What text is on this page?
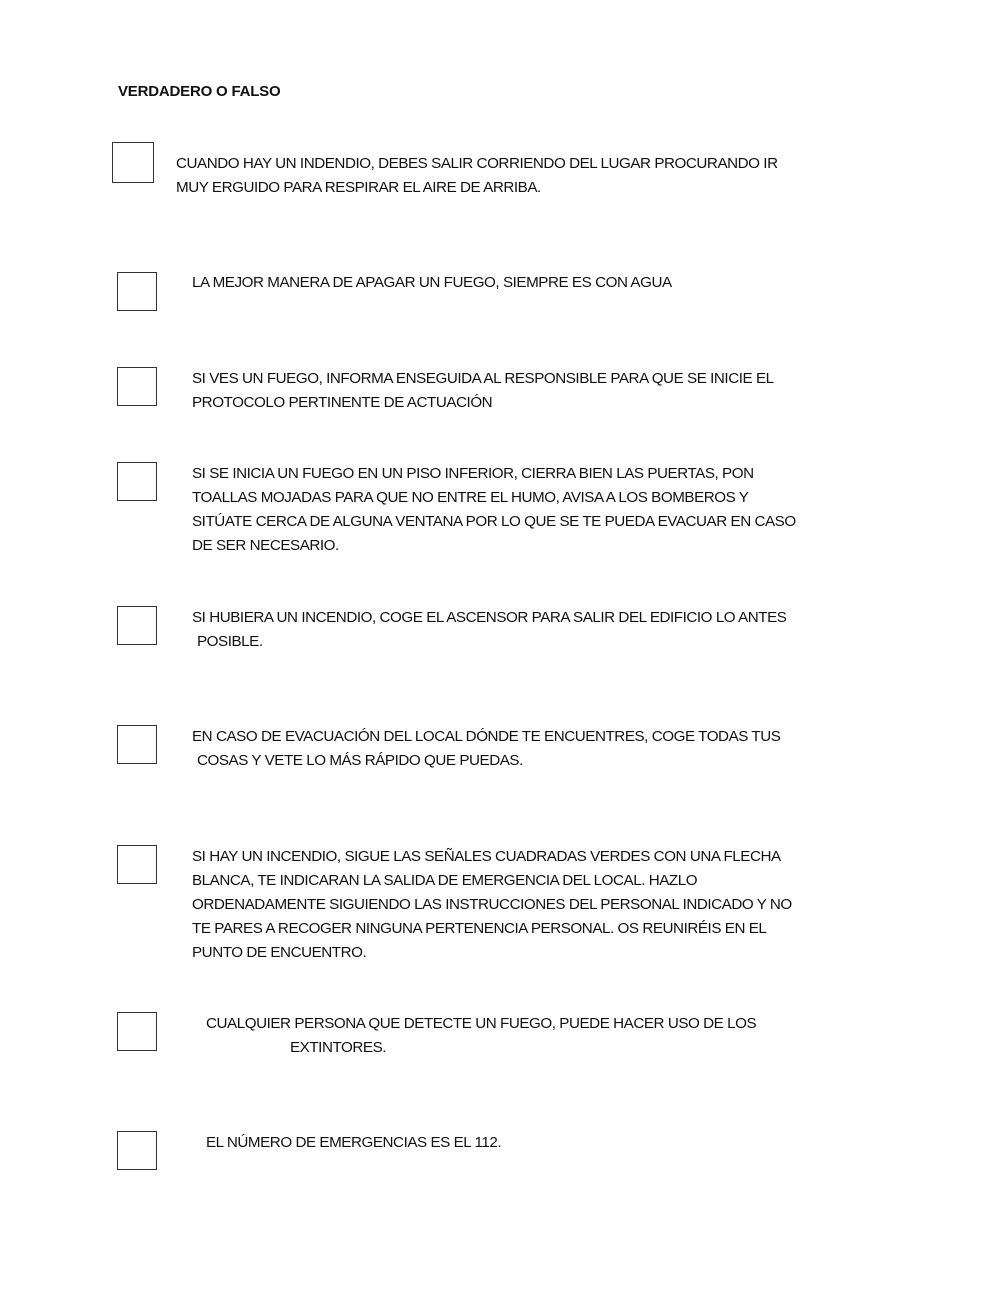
VERDADERO O FALSO
CUANDO HAY UN INDENDIO, DEBES SALIR CORRIENDO DEL LUGAR PROCURANDO IR
MUY ERGUIDO PARA RESPIRAR EL AIRE DE ARRIBA.
LA MEJOR MANERA DE APAGAR UN FUEGO, SIEMPRE ES CON AGUA
SI VES UN FUEGO, INFORMA ENSEGUIDA AL RESPONSIBLE PARA QUE SE INICIE EL
PROTOCOLO PERTINENTE DE ACTUACIÓN
SI SE INICIA UN FUEGO EN UN PISO INFERIOR, CIERRA BIEN LAS PUERTAS, PON
TOALLAS MOJADAS PARA QUE NO ENTRE EL HUMO, AVISA A LOS BOMBEROS Y
SITÚATE CERCA DE ALGUNA VENTANA POR LO QUE SE TE PUEDA EVACUAR EN CASO
DE SER NECESARIO.
SI HUBIERA UN INCENDIO, COGE EL ASCENSOR PARA SALIR DEL EDIFICIO LO ANTES
POSIBLE.
EN CASO DE EVACUACIÓN DEL LOCAL DÓNDE TE ENCUENTRES, COGE TODAS TUS
COSAS Y VETE LO MÁS RÁPIDO QUE PUEDAS.
SI HAY UN INCENDIO, SIGUE LAS SEÑALES CUADRADAS VERDES CON UNA FLECHA
BLANCA, TE INDICARAN LA SALIDA DE EMERGENCIA DEL LOCAL. HAZLO
ORDENADAMENTE SIGUIENDO LAS INSTRUCCIONES DEL PERSONAL INDICADO Y NO
TE PARES A RECOGER NINGUNA PERTENENCIA PERSONAL. OS REUNIRÉIS EN EL
PUNTO DE ENCUENTRO.
CUALQUIER PERSONA QUE DETECTE UN FUEGO, PUEDE HACER USO DE LOS
EXTINTORES.
EL NÚMERO DE EMERGENCIAS ES EL 112.
